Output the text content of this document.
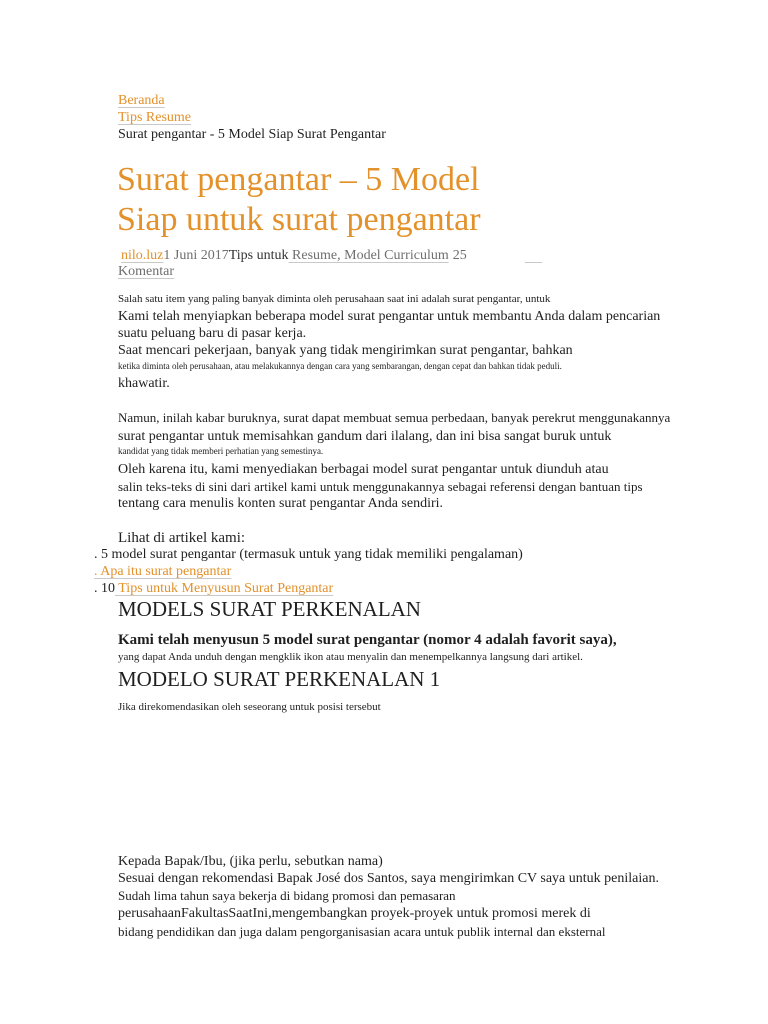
Beranda
Tips Resume
Surat pengantar - 5 Model Siap Surat Pengantar
Surat pengantar – 5 Model
Siap untuk surat pengantar
nilo.luz1 Juni 2017Tips untuk Resume, Model Curriculum 25
Komentar
Salah satu item yang paling banyak diminta oleh perusahaan saat ini adalah surat pengantar, untuk
Kami telah menyiapkan beberapa model surat pengantar untuk membantu Anda dalam pencarian
suatu peluang baru di pasar kerja.
Saat mencari pekerjaan, banyak yang tidak mengirimkan surat pengantar, bahkan
ketika diminta oleh perusahaan, atau melakukannya dengan cara yang sembarangan, dengan cepat dan bahkan tidak peduli.
khawatir.
Namun, inilah kabar buruknya, surat dapat membuat semua perbedaan, banyak perekrut menggunakannya
surat pengantar untuk memisahkan gandum dari ilalang, dan ini bisa sangat buruk untuk
kandidat yang tidak memberi perhatian yang semestinya.
Oleh karena itu, kami menyediakan berbagai model surat pengantar untuk diunduh atau
salin teks-teks di sini dari artikel kami untuk menggunakannya sebagai referensi dengan bantuan tips
tentang cara menulis konten surat pengantar Anda sendiri.
Lihat di artikel kami:
. 5 model surat pengantar (termasuk untuk yang tidak memiliki pengalaman)
. Apa itu surat pengantar
. 10 Tips untuk Menyusun Surat Pengantar
MODELS SURAT PERKENALAN
Kami telah menyusun 5 model surat pengantar (nomor 4 adalah favorit saya),
yang dapat Anda unduh dengan mengklik ikon atau menyalin dan menempelkannya langsung dari artikel.
MODELO SURAT PERKENALAN 1
Jika direkomendasikan oleh seseorang untuk posisi tersebut
Kepada Bapak/Ibu, (jika perlu, sebutkan nama)
Sesuai dengan rekomendasi Bapak José dos Santos, saya mengirimkan CV saya untuk penilaian.
Sudah lima tahun saya bekerja di bidang promosi dan pemasaran
perusahaanFakultasSaatIni,mengembangkan proyek-proyek untuk promosi merek di
bidang pendidikan dan juga dalam pengorganisasian acara untuk publik internal dan eksternal
